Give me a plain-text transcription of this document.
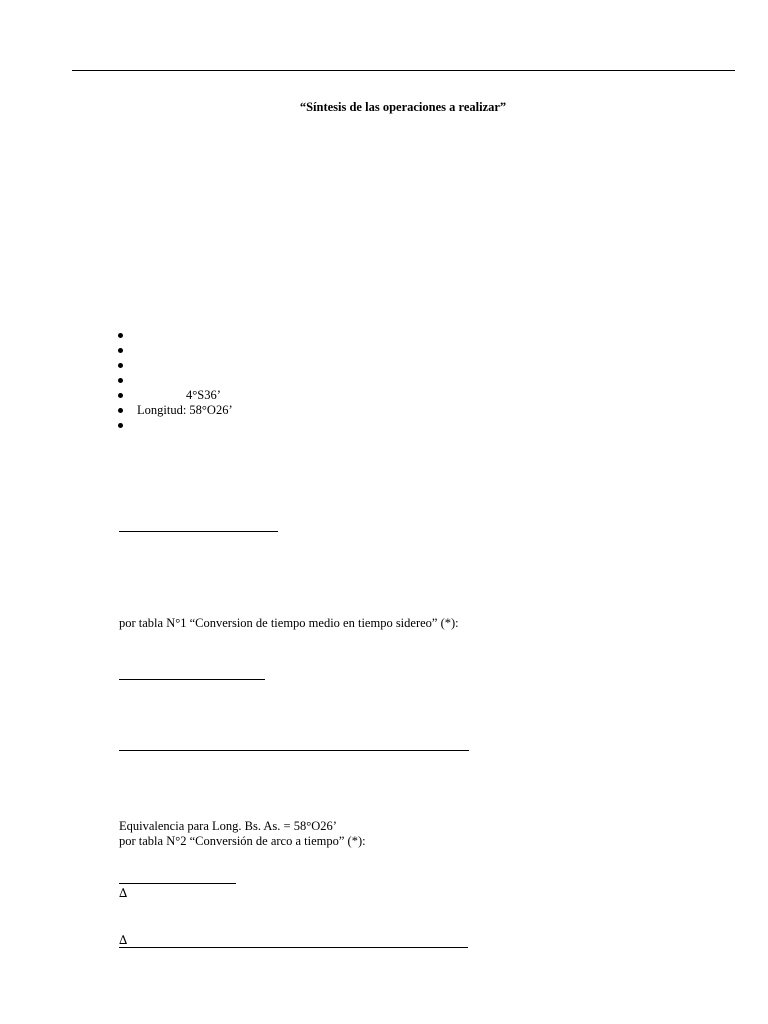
“Síntesis de las operaciones a realizar”

4°S36’

Longitud: 58°O26’

por tabla N°1 “Conversion de tiempo medio en tiempo sidereo” (*):
Equivalencia para Long. Bs. As. = 58°O26’
por tabla N°2 “Conversión de arco a tiempo” (*):
∆
∆
